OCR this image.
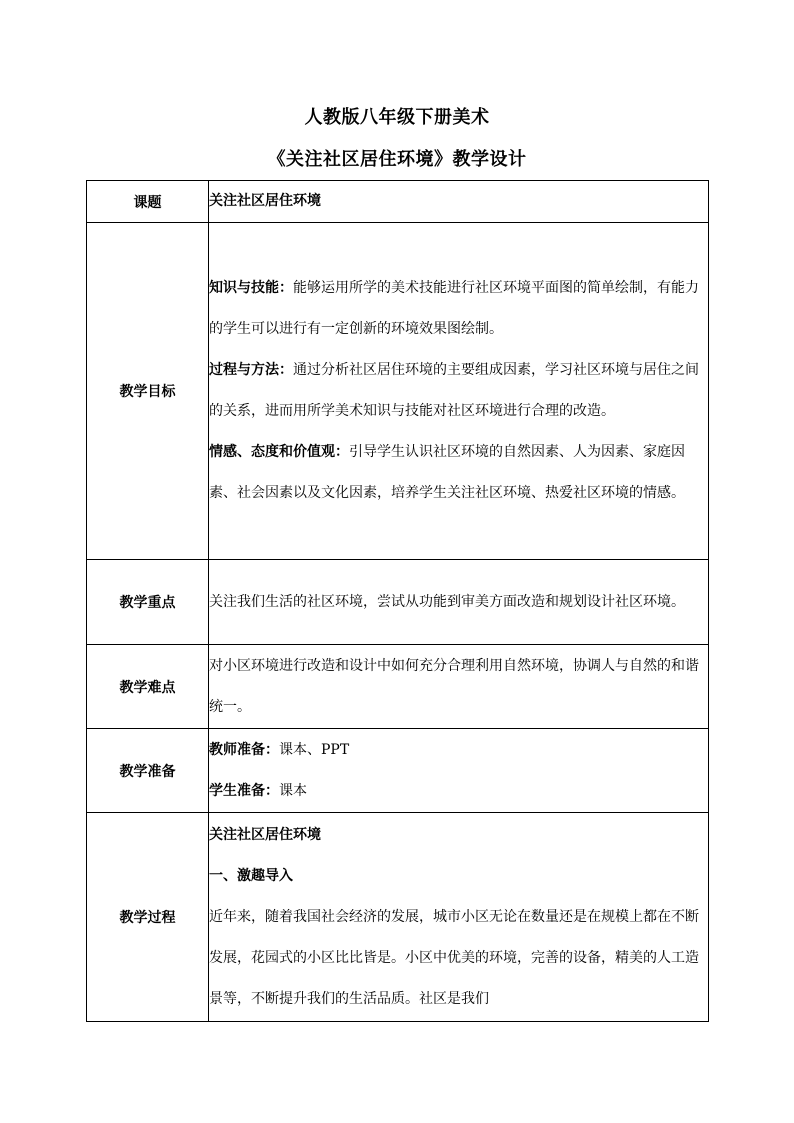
人教版八年级下册美术
《关注社区居住环境》教学设计
课题	关注社区居住环境

教学目标	知识与技能：能够运用所学的美术技能进行社区环境平面图的简单绘制，有能力的学生可以进行有一定创新的环境效果图绘制。
过程与方法：通过分析社区居住环境的主要组成因素，学习社区环境与居住之间的关系，进而用所学美术知识与技能对社区环境进行合理的改造。
情感、态度和价值观：引导学生认识社区环境的自然因素、人为因素、家庭因素、社会因素以及文化因素，培养学生关注社区环境、热爱社区环境的情感。

教学重点	关注我们生活的社区环境，尝试从功能到审美方面改造和规划设计社区环境。

教学难点	对小区环境进行改造和设计中如何充分合理利用自然环境，协调人与自然的和谐统一。

教学准备	教师准备：课本、PPT
学生准备：课本

教学过程	关注社区居住环境
一、激趣导入
近年来，随着我国社会经济的发展，城市小区无论在数量还是在规模上都在不断发展，花园式的小区比比皆是。小区中优美的环境，完善的设备，精美的人工造景等，不断提升我们的生活品质。社区是我们
